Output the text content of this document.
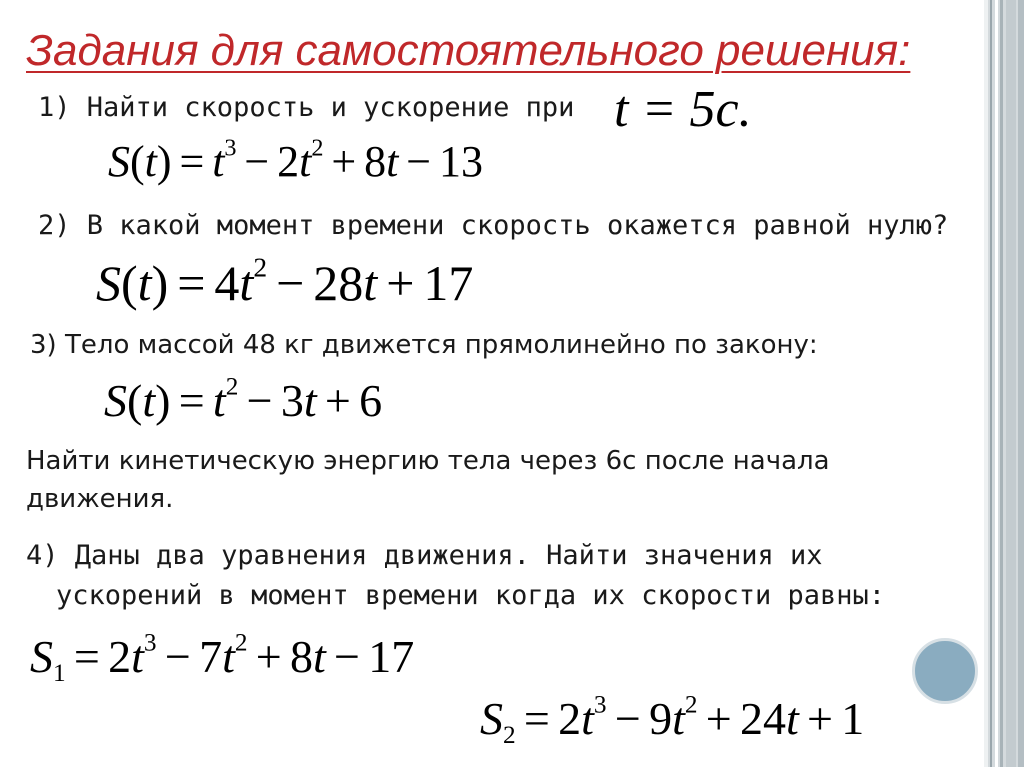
Задания для самостоятельного решения:
1) Найти скорость и ускорение при t = 5c.
$S(t) = t^3 - 2t^2 + 8t - 13$
2) В какой момент времени скорость окажется равной нулю?
$S(t) = 4t^2 - 28t + 17$
3) Тело массой 48 кг движется прямолинейно по закону:
$S(t) = t^2 - 3t + 6$
Найти кинетическую энергию тела через 6с после начала
движения.
4) Даны два уравнения движения. Найти значения их
ускорений в момент времени когда их скорости равны:
$S_1 = 2t^3 - 7t^2 + 8t - 17$
$S_2 = 2t^3 - 9t^2 + 24t + 1$
